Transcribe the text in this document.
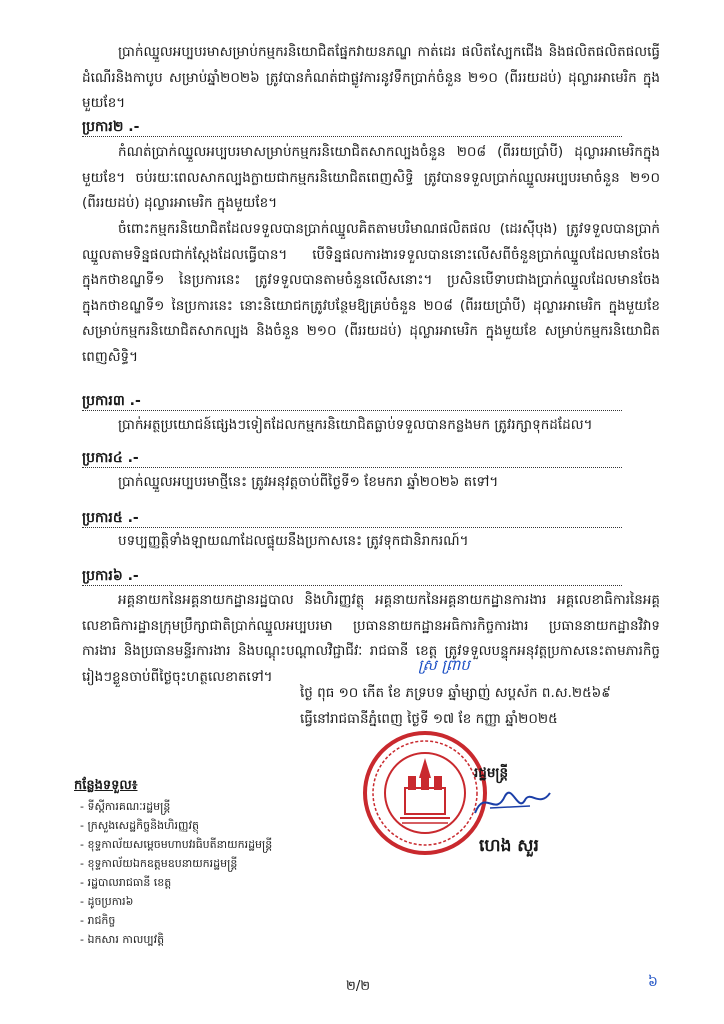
ប្រាក់ឈ្នួលអប្បបរមាសម្រាប់កម្មករនិយោជិតផ្នែកវាយនភណ្ឌ កាត់ដេរ ផលិតស្បែកជើង និងផលិតផលិតផលធ្វើដំណើរនិងកាបូប សម្រាប់ឆ្នាំ២០២៦ ត្រូវបានកំណត់ជាផ្លូវការនូវទឹកប្រាក់ចំនួន ២១០ (ពីររយដប់) ដុល្លារអាមេរិក ក្នុងមួយខែ។

ប្រការ២ .-

កំណត់ប្រាក់ឈ្នួលអប្បបរមាសម្រាប់កម្មករនិយោជិតសាកល្បងចំនួន ២០៨ (ពីររយប្រាំបី) ដុល្លារអាមេរិកក្នុងមួយខែ។ ចប់រយៈពេលសាកល្បងក្លាយជាកម្មករនិយោជិតពេញសិទ្ធិ ត្រូវបានទទួលប្រាក់ឈ្នួលអប្បបរមាចំនួន ២១០ (ពីររយដប់) ដុល្លារអាមេរិក ក្នុងមួយខែ។

ចំពោះកម្មករនិយោជិតដែលទទួលបានប្រាក់ឈ្នួលគិតតាមបរិមាណផលិតផល (ដេរស៊ីបុង) ត្រូវទទួលបានប្រាក់ឈ្នួលតាមទិន្នផលជាក់ស្តែងដែលធ្វើបាន។ បើទិន្នផលការងារទទួលបាននោះលើសពីចំនួនប្រាក់ឈ្នួលដែលមានចែងក្នុងកថាខណ្ឌទី១ នៃប្រការនេះ ត្រូវទទួលបានតាមចំនួនលើសនោះ។ ប្រសិនបើទាបជាងប្រាក់ឈ្នួលដែលមានចែងក្នុងកថាខណ្ឌទី១ នៃប្រការនេះ នោះនិយោជកត្រូវបន្ថែមឱ្យគ្រប់ចំនួន ២០៨ (ពីររយប្រាំបី) ដុល្លារអាមេរិក ក្នុងមួយខែ សម្រាប់កម្មករនិយោជិតសាកល្បង និងចំនួន ២១០ (ពីររយដប់) ដុល្លារអាមេរិក ក្នុងមួយខែ សម្រាប់កម្មករនិយោជិតពេញសិទ្ធិ។

ប្រការ៣ .-

ប្រាក់អត្ថប្រយោជន៍ផ្សេងៗទៀតដែលកម្មករនិយោជិតធ្លាប់ទទួលបានកន្លងមក ត្រូវរក្សាទុកដដែល។

ប្រការ៤ .-

ប្រាក់ឈ្នួលអប្បបរមាថ្មីនេះ ត្រូវអនុវត្តចាប់ពីថ្ងៃទី១ ខែមករា ឆ្នាំ២០២៦ តទៅ។

ប្រការ៥ .-

បទប្បញ្ញត្តិទាំងឡាយណាដែលផ្ទុយនឹងប្រកាសនេះ ត្រូវទុកជានិរាករណ៍។

ប្រការ៦ .-

អគ្គនាយកនៃអគ្គនាយកដ្ឋានរដ្ឋបាល និងហិរញ្ញវត្ថុ អគ្គនាយកនៃអគ្គនាយកដ្ឋានការងារ អគ្គលេខាធិការនៃអគ្គលេខាធិការដ្ឋានក្រុមប្រឹក្សាជាតិប្រាក់ឈ្នួលអប្បបរមា ប្រធាននាយកដ្ឋានអធិការកិច្ចការងារ ប្រធាននាយកដ្ឋានវិវាទការងារ និងប្រធានមន្ទីរការងារ និងបណ្តុះបណ្តាលវិជ្ជាជីវៈ រាជធានី ខេត្ត ត្រូវទទួលបន្ទុកអនុវត្តប្រកាសនេះតាមភារកិច្ចរៀងៗខ្លួនចាប់ពីថ្ងៃចុះហត្ថលេខាតទៅ។

ស្រ ព្រាប

ថ្ងៃ ពុធ ១០ កើត ខែ ភទ្របទ ឆ្នាំម្សាញ់ សប្តស័ក ព.ស.២៥៦៩

ធ្វើនៅរាជធានីភ្នំពេញ ថ្ងៃទី ១៧ ខែ កញ្ញា ឆ្នាំ២០២៥

រដ្ឋមន្ត្រី
ហេង សួរ

កន្លែងទទួល៖

- ទីស្តីការគណៈរដ្ឋមន្ត្រី
- ក្រសួងសេដ្ឋកិច្ចនិងហិរញ្ញវត្ថុ
- ខុទ្ទកាល័យសម្តេចមហាបវរធិបតីនាយករដ្ឋមន្ត្រី
- ខុទ្ទកាល័យឯកឧត្តមឧបនាយករដ្ឋមន្ត្រី
- រដ្ឋបាលរាជធានី ខេត្ត
- ដូចប្រការ៦
- រាជកិច្ច
- ឯកសារ កាលប្បវត្តិ
២/២	៦
